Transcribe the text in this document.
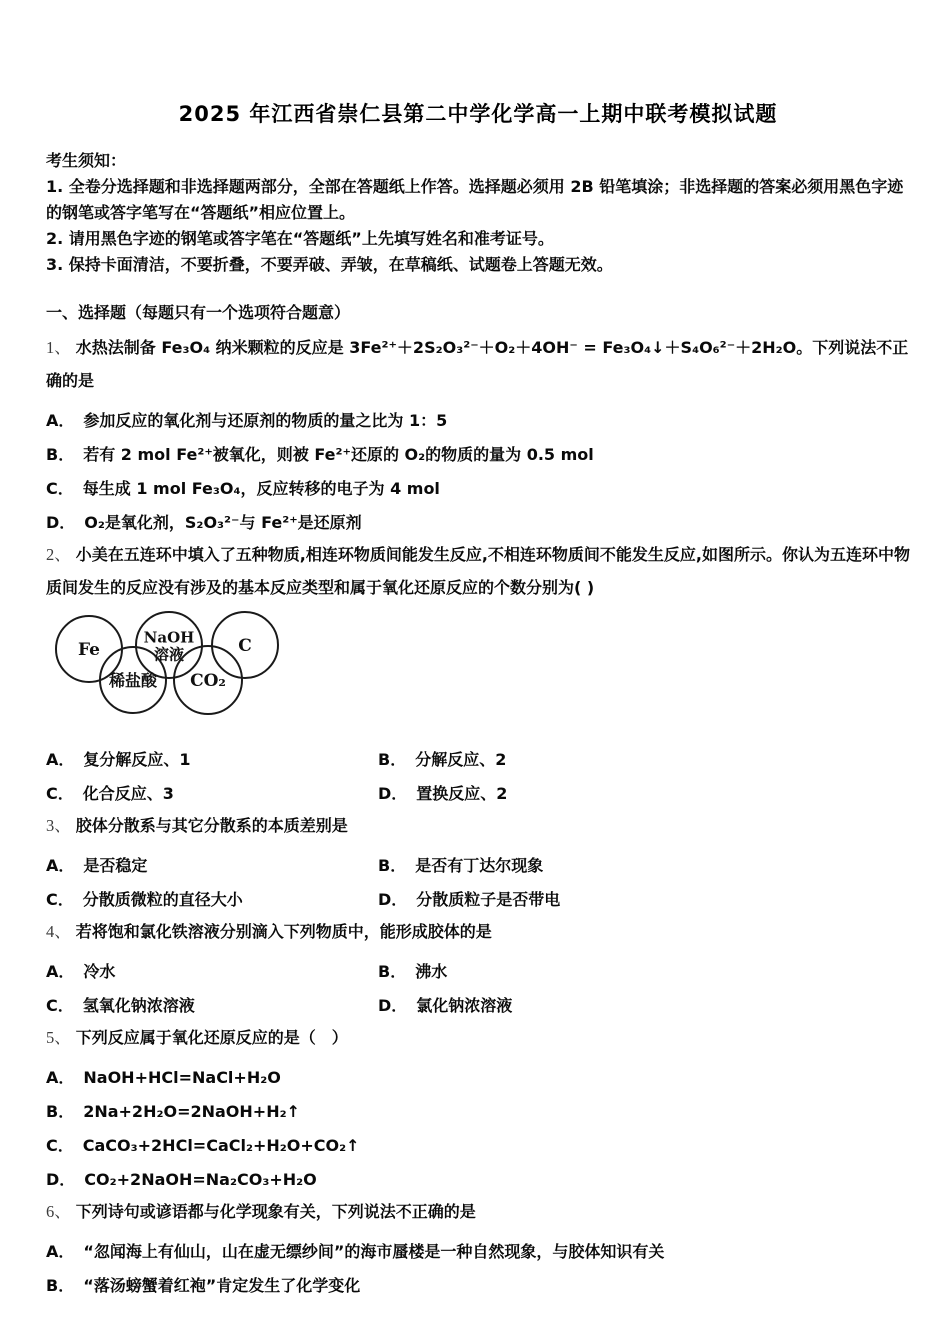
2025 年江西省崇仁县第二中学化学高一上期中联考模拟试题
考生须知：
1. 全卷分选择题和非选择题两部分，全部在答题纸上作答。选择题必须用 2B 铅笔填涂；非选择题的答案必须用黑色字迹的钢笔或答字笔写在“答题纸”相应位置上。
2. 请用黑色字迹的钢笔或答字笔在“答题纸”上先填写姓名和准考证号。
3. 保持卡面清洁，不要折叠，不要弄破、弄皱，在草稿纸、试题卷上答题无效。
一、选择题（每题只有一个选项符合题意）

1、 水热法制备 Fe₃O₄ 纳米颗粒的反应是 3Fe²⁺＋2S₂O₃²⁻＋O₂＋4OH⁻ = Fe₃O₄↓＋S₄O₆²⁻＋2H₂O。下列说法不正确的是

A． 参加反应的氧化剂与还原剂的物质的量之比为 1：5
B． 若有 2 mol Fe²⁺被氧化，则被 Fe²⁺还原的 O₂的物质的量为 0.5 mol
C． 每生成 1 mol Fe₃O₄，反应转移的电子为 4 mol
D． O₂是氧化剂，S₂O₃²⁻与 Fe²⁺是还原剂

2、 小美在五连环中填入了五种物质,相连环物质间能发生反应,不相连环物质间不能发生反应,如图所示。你认为五连环中物质间发生的反应没有涉及的基本反应类型和属于氧化还原反应的个数分别为( )

Fe
NaOH
溶液	C
稀盐酸 CO₂
A． 复分解反应、1	B． 分解反应、2
C． 化合反应、3	D． 置换反应、2

3、 胶体分散系与其它分散系的本质差别是

A． 是否稳定	B． 是否有丁达尔现象
C． 分散质微粒的直径大小	D． 分散质粒子是否带电

4、 若将饱和氯化铁溶液分别滴入下列物质中，能形成胶体的是

A． 冷水	B． 沸水
C． 氢氧化钠浓溶液	D． 氯化钠浓溶液

5、 下列反应属于氧化还原反应的是（　）

A． NaOH+HCl=NaCl+H₂O
B． 2Na+2H₂O=2NaOH+H₂↑
C． CaCO₃+2HCl=CaCl₂+H₂O+CO₂↑
D． CO₂+2NaOH=Na₂CO₃+H₂O

6、 下列诗句或谚语都与化学现象有关，下列说法不正确的是

A． “忽闻海上有仙山，山在虚无缥纱间”的海市蜃楼是一种自然现象，与胶体知识有关
B． “落汤螃蟹着红袍”肯定发生了化学变化
